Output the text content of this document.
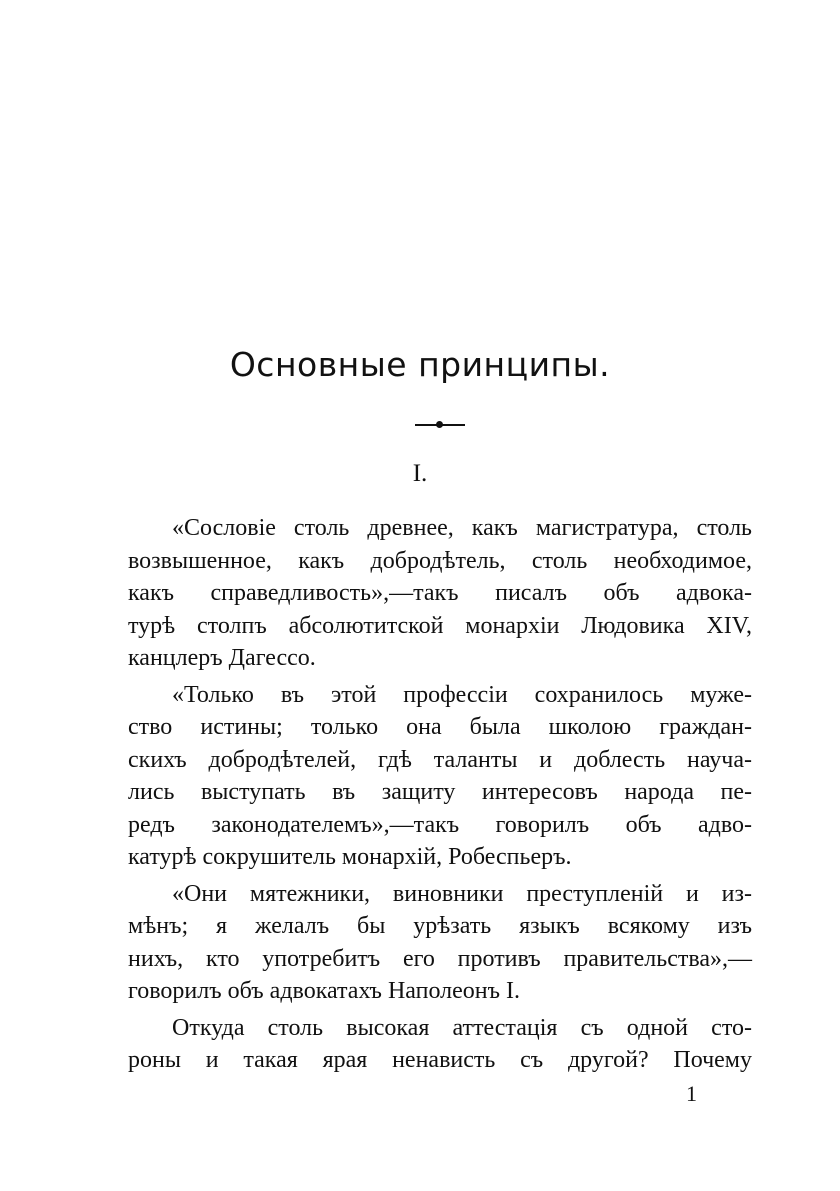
Основные принципы.
I.

«Сословіе столь древнее, какъ магистратура, столь
возвышенное, какъ добродѣтель, столь необходимое,
какъ справедливость»,—такъ писалъ объ адвока-
турѣ столпъ абсолютитской монархіи Людовика XIV,
канцлеръ Дагессо.

«Только въ этой профессіи сохранилось муже-
ство истины; только она была школою граждан-
скихъ добродѣтелей, гдѣ таланты и доблесть научa-
лись выступать въ защиту интересовъ народа пе-
редъ законодателемъ»,—такъ говорилъ объ адво-
катурѣ сокрушитель монархій, Робеспьеръ.

«Они мятежники, виновники преступленій и из-
мѣнъ; я желалъ бы урѣзать языкъ всякому изъ
нихъ, кто употребитъ его противъ правительства»,—
говорилъ объ адвокатахъ Наполеонъ I.

Откуда столь высокая аттестація съ одной сто-
роны и такая ярая ненависть съ другой? Почему

1
